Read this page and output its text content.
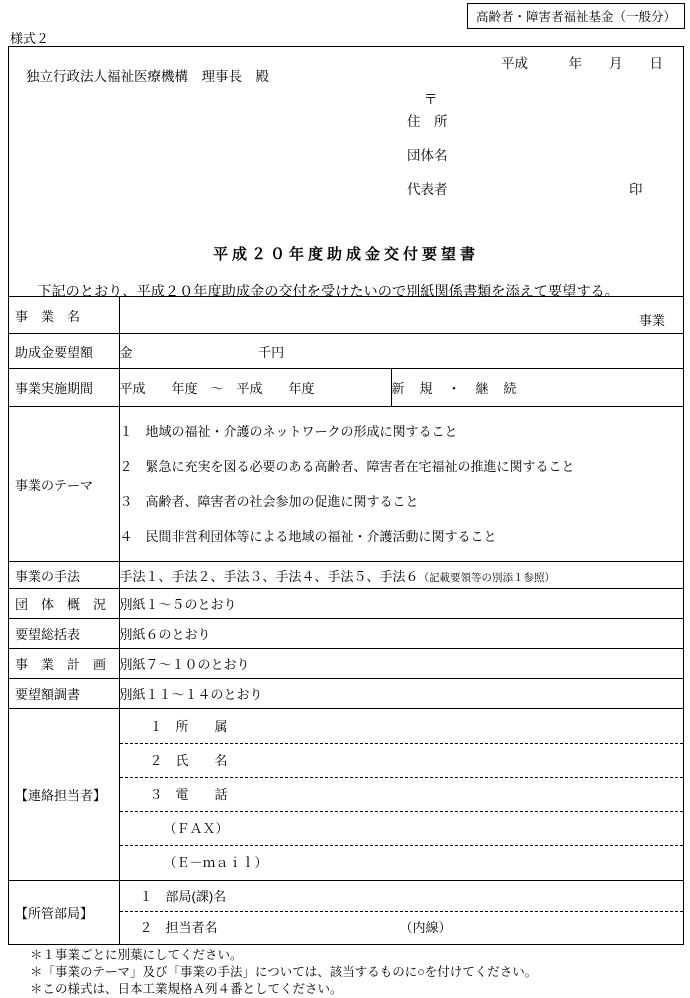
高齢者・障害者福祉基金（一般分）
様式２
平成　　　年　　月　　日
独立行政法人福祉医療機構　理事長　殿
〒
住　所
団体名
代表者	印
平成２０年度助成金交付要望書
下記のとおり、平成２０年度助成金の交付を受けたいので別紙関係書類を添えて要望する。
事　業　名	事業	

助成金要望額	金 千円	
事業実施期間	平成　　年度　～　平成　　年度	新　規　・　継　続
事業のテーマ	１　地域の福祉・介護のネットワークの形成に関すること
２　緊急に充実を図る必要のある高齢者、障害者在宅福祉の推進に関すること
３　高齢者、障害者の社会参加の促進に関すること
４　民間非営利団体等による地域の福祉・介護活動に関すること	

事業の手法	手法１、手法２、手法３、手法４、手法５、手法６（記載要領等の別添１参照）	
団　体　概　況	別紙１～５のとおり	
要望総括表	別紙６のとおり	
事　業　計　画	別紙７～１０のとおり	
要望額調書	別紙１１～１４のとおり	
【連絡担当者】	１　所　　属
２　氏　　名
３　電　　話
（ＦＡＸ）
（Ｅ－ｍａｉｌ）	

【所管部局】	１　部局(課)名
２　担当者名 （内線）	
＊１事業ごとに別葉にしてください。
＊「事業のテーマ」及び「事業の手法」については、該当するものに○を付けてください。
＊この様式は、日本工業規格Ａ列４番としてください。
